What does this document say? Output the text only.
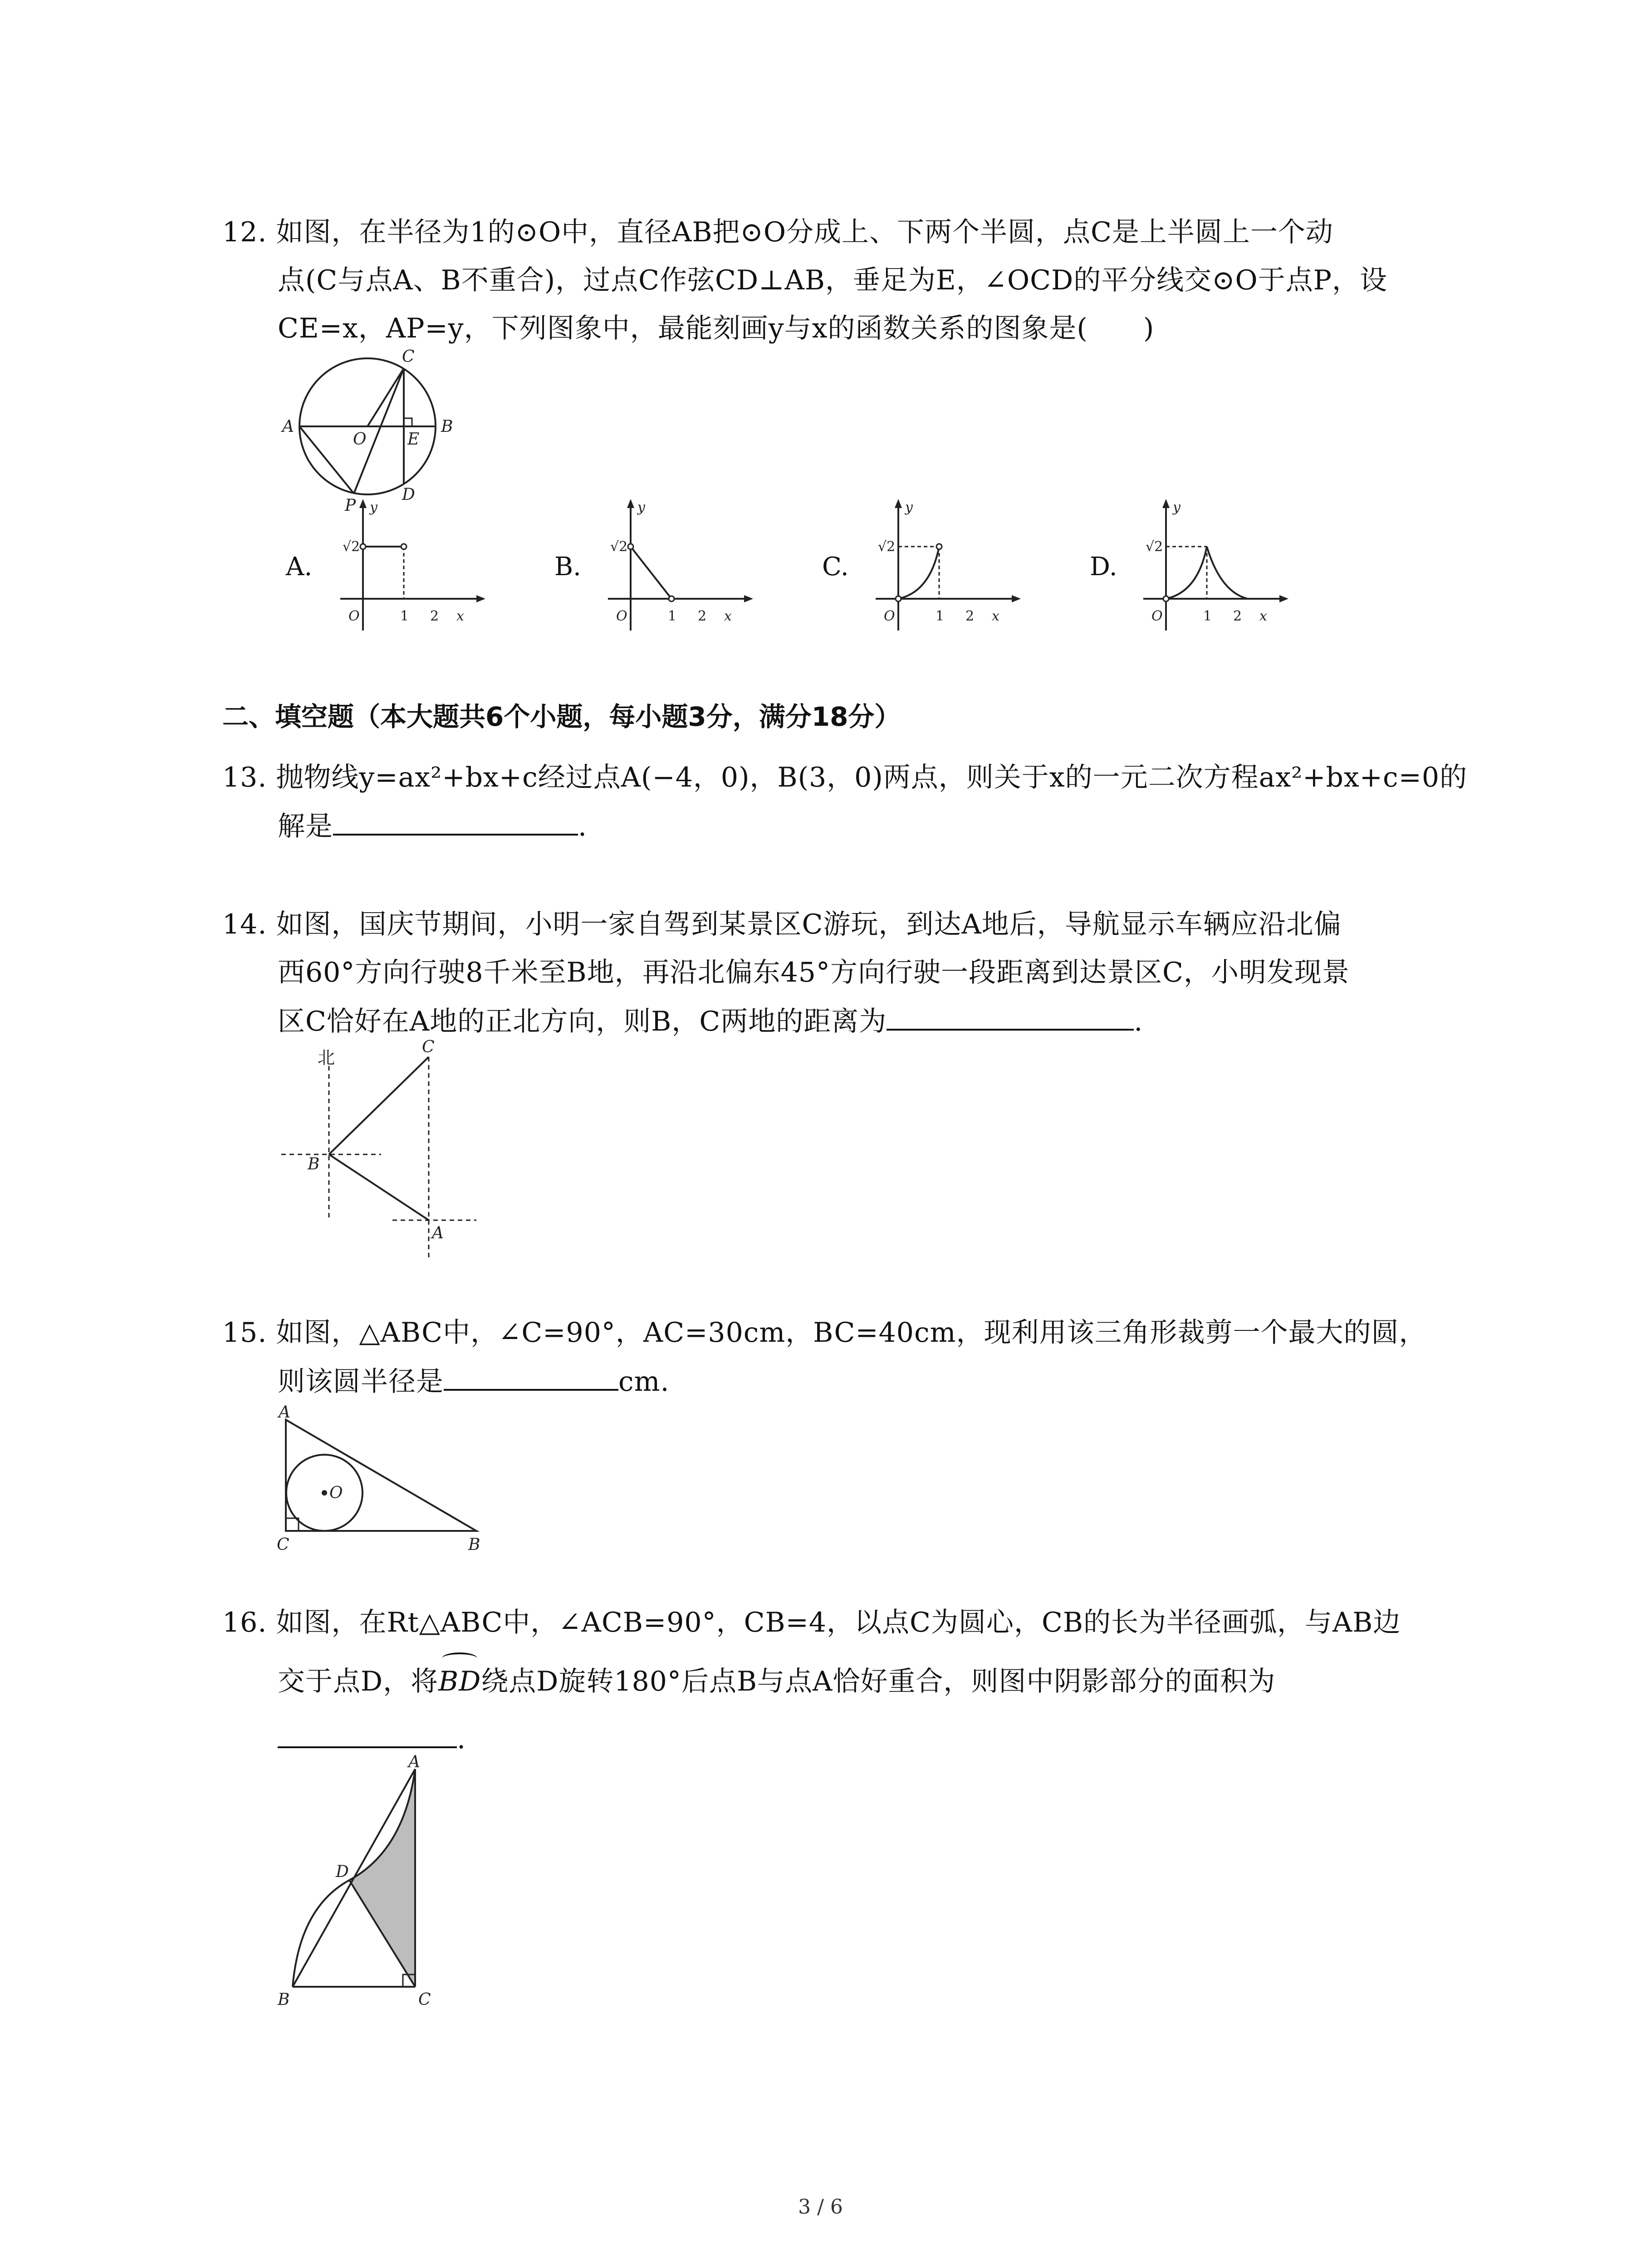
12. 如图，在半径为1的⊙O中，直径AB把⊙O分成上、下两个半圆，点C是上半圆上一个动
点(C与点A、B不重合)，过点C作弦CD⊥AB，垂足为E，∠OCD的平分线交⊙O于点P，设
CE=x，AP=y，下列图象中，最能刻画y与x的函数关系的图象是(　　)
A	B
C
D
E
O
P
A.
√2
y
O	1 2 x
B.
√2
y
O	1 2 x
C.
√2
y
O	1 2 x
D.
√2
y
O	1 2 x
二、填空题（本大题共6个小题，每小题3分，满分18分）
13. 抛物线y=ax²+bx+c经过点A(−4，0)，B(3，0)两点，则关于x的一元二次方程ax²+bx+c=0的
解是	.
14. 如图，国庆节期间，小明一家自驾到某景区C游玩，到达A地后，导航显示车辆应沿北偏
西60°方向行驶8千米至B地，再沿北偏东45°方向行驶一段距离到达景区C，小明发现景
区C恰好在A地的正北方向，则B，C两地的距离为	.
北
C
B
A
15. 如图，△ABC中，∠C=90°，AC=30cm，BC=40cm，现利用该三角形裁剪一个最大的圆，
则该圆半径是	cm.
A
C	B
O
16. 如图，在Rt△ABC中，∠ACB=90°，CB=4，以点C为圆心，CB的长为半径画弧，与AB边
交于点D，将BD绕点D旋转180°后点B与点A恰好重合，则图中阴影部分的面积为
.
A
D
B	C
3 / 6
